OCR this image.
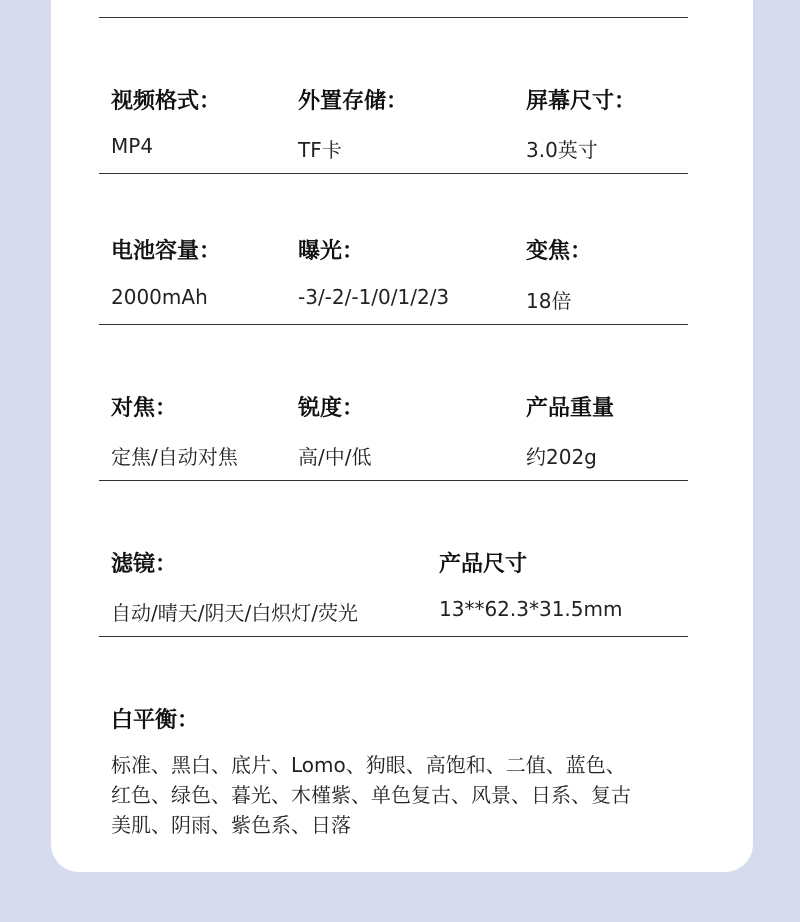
视频格式：
MP4
外置存储：
TF卡
屏幕尺寸：
3.0英寸
电池容量：
2000mAh
曝光：
-3/-2/-1/0/1/2/3
变焦：
18倍
对焦：
定焦/自动对焦
锐度：
高/中/低
产品重量
约202g
滤镜：
自动/晴天/阴天/白炽灯/荧光
产品尺寸
13**62.3*31.5mm
白平衡：
标准、黑白、底片、Lomo、狗眼、高饱和、二值、蓝色、
红色、绿色、暮光、木槿紫、单色复古、风景、日系、复古
美肌、阴雨、紫色系、日落
